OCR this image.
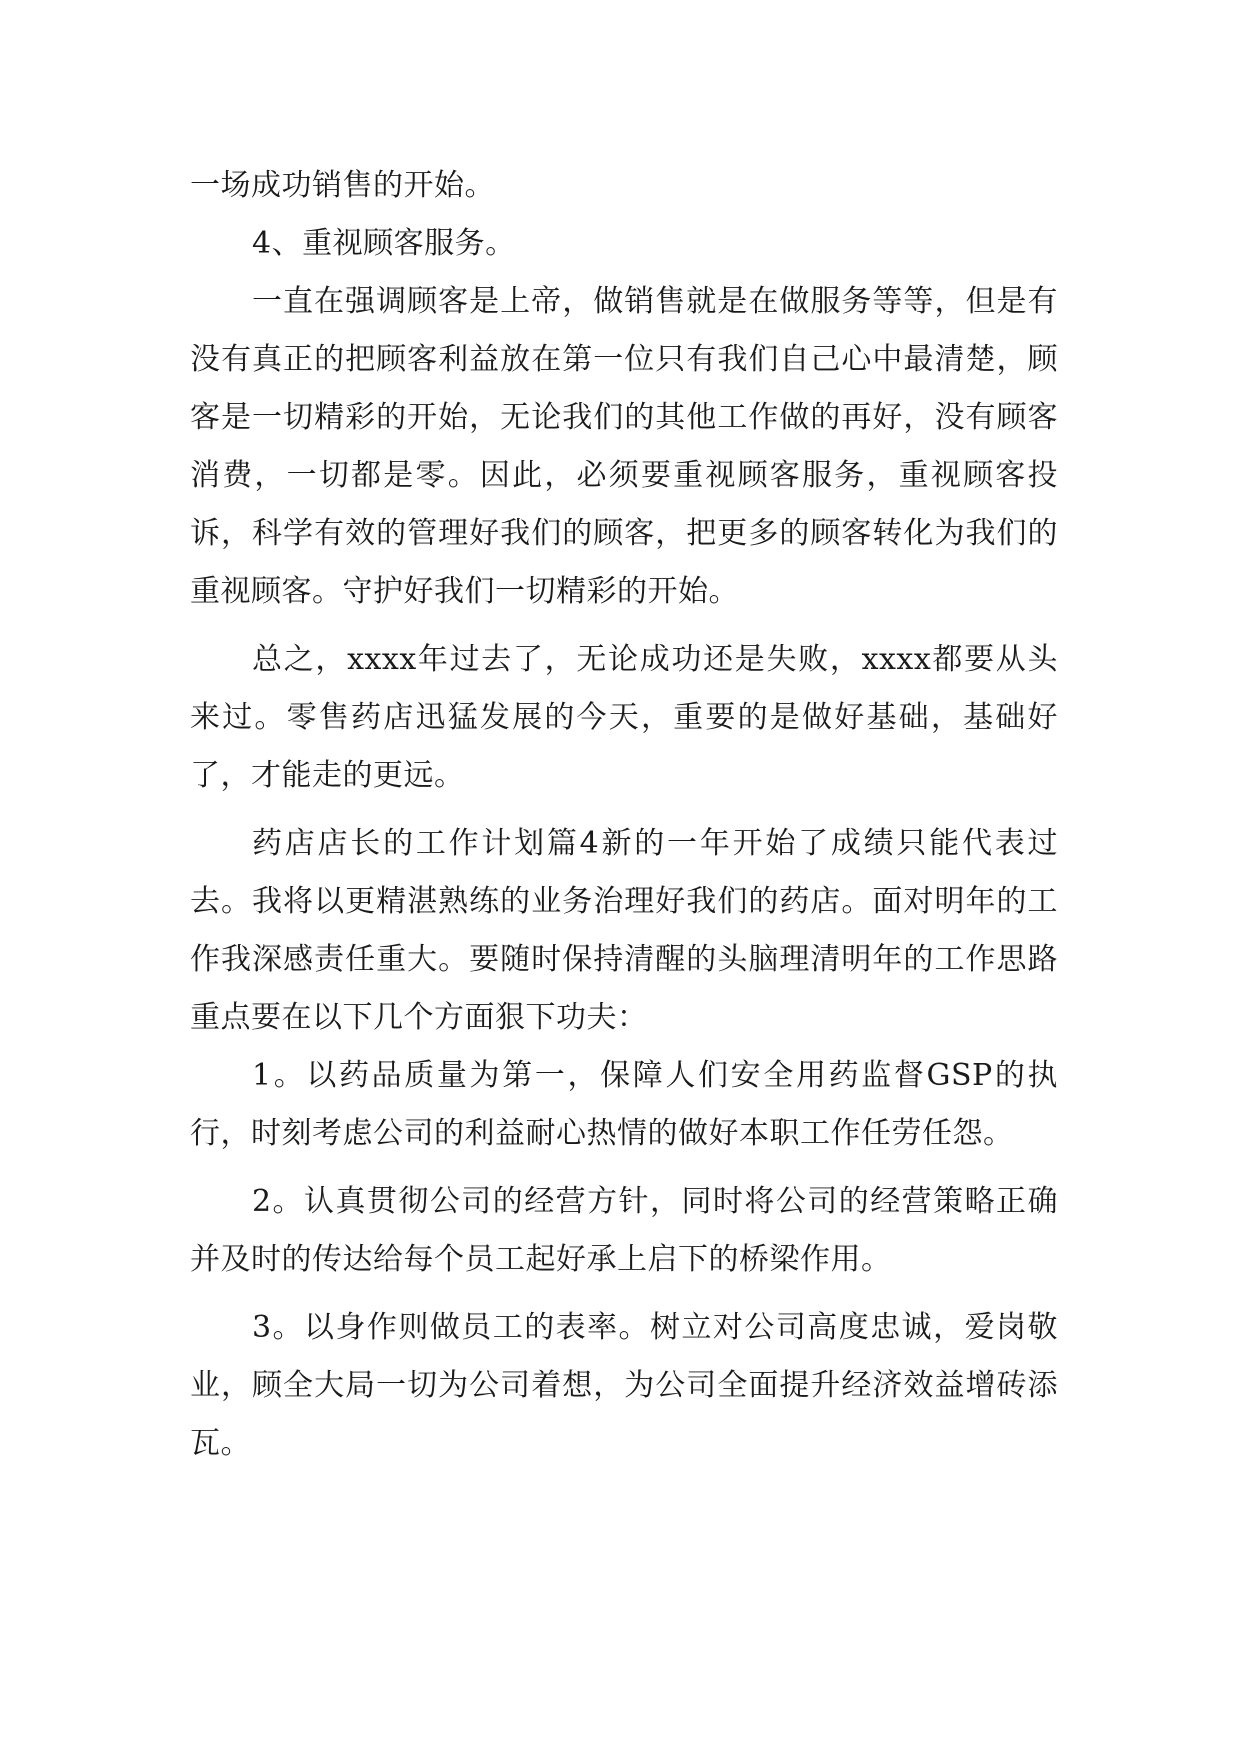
一场成功销售的开始。

4、重视顾客服务。

一直在强调顾客是上帝，做销售就是在做服务等等，但是有没有真正的把顾客利益放在第一位只有我们自己心中最清楚，顾客是一切精彩的开始，无论我们的其他工作做的再好，没有顾客消费，一切都是零。因此，必须要重视顾客服务，重视顾客投诉，科学有效的管理好我们的顾客，把更多的顾客转化为我们的重视顾客。守护好我们一切精彩的开始。

总之，xxxx年过去了，无论成功还是失败，xxxx都要从头来过。零售药店迅猛发展的今天，重要的是做好基础，基础好了，才能走的更远。

药店店长的工作计划篇4新的一年开始了成绩只能代表过去。我将以更精湛熟练的业务治理好我们的药店。面对明年的工作我深感责任重大。要随时保持清醒的头脑理清明年的工作思路重点要在以下几个方面狠下功夫：

1。以药品质量为第一，保障人们安全用药监督GSP的执行，时刻考虑公司的利益耐心热情的做好本职工作任劳任怨。

2。认真贯彻公司的经营方针，同时将公司的经营策略正确并及时的传达给每个员工起好承上启下的桥梁作用。

3。以身作则做员工的表率。树立对公司高度忠诚，爱岗敬业，顾全大局一切为公司着想，为公司全面提升经济效益增砖添瓦。
